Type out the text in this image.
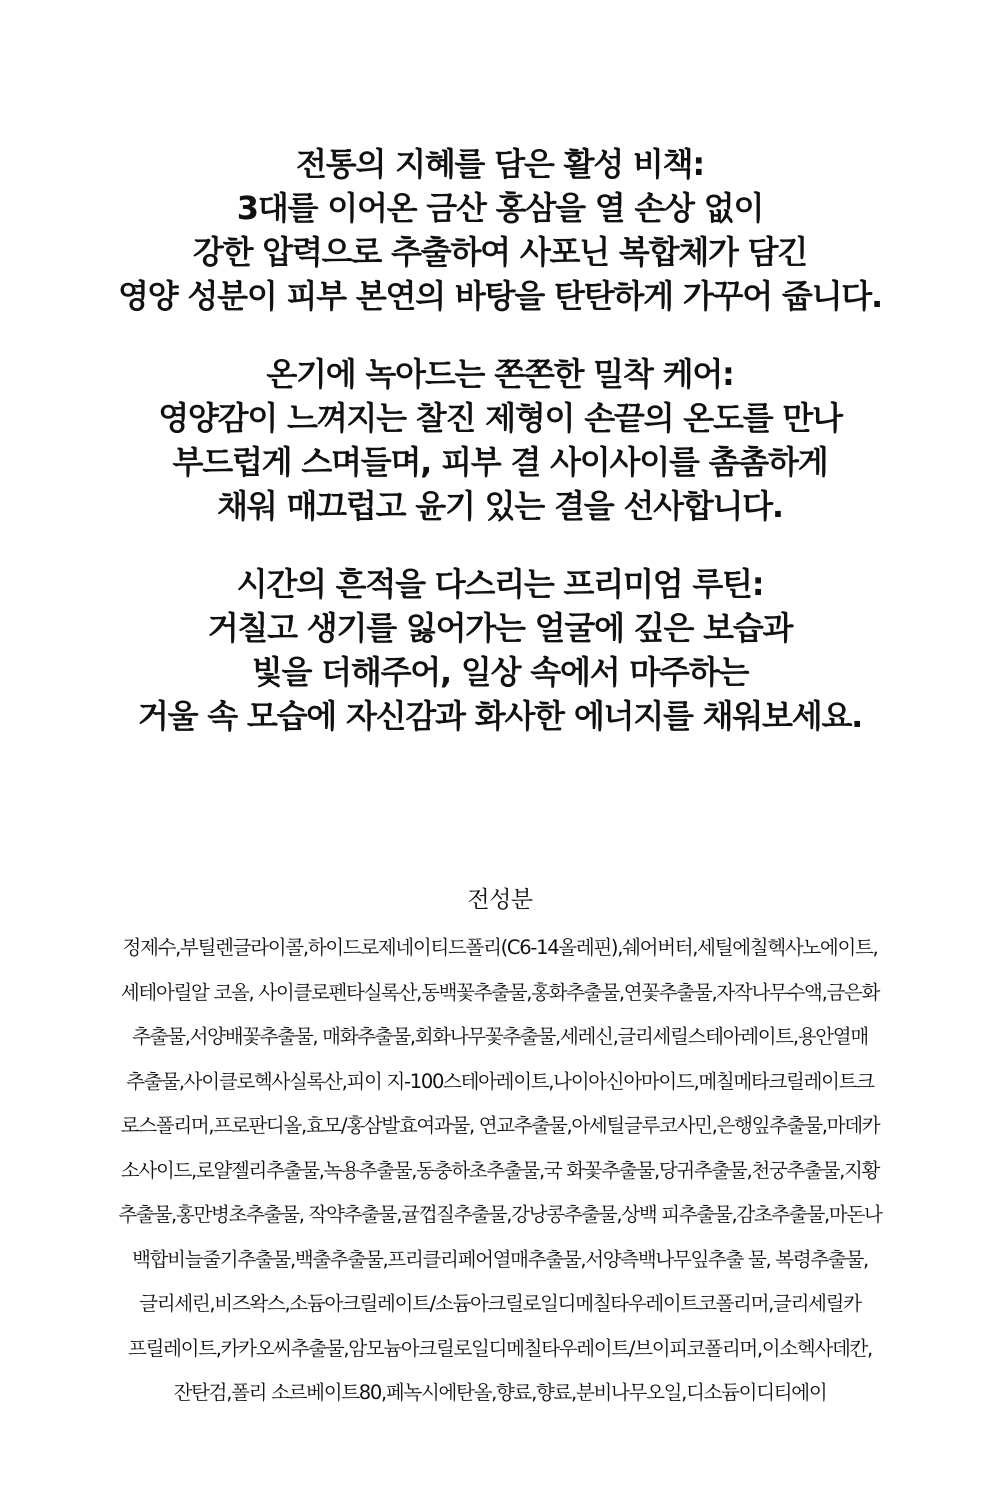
전통의 지혜를 담은 활성 비책:
3대를 이어온 금산 홍삼을 열 손상 없이
강한 압력으로 추출하여 사포닌 복합체가 담긴
영양 성분이 피부 본연의 바탕을 탄탄하게 가꾸어 줍니다.
온기에 녹아드는 쫀쫀한 밀착 케어:
영양감이 느껴지는 찰진 제형이 손끝의 온도를 만나
부드럽게 스며들며, 피부 결 사이사이를 촘촘하게
채워 매끄럽고 윤기 있는 결을 선사합니다.
시간의 흔적을 다스리는 프리미엄 루틴:
거칠고 생기를 잃어가는 얼굴에 깊은 보습과
빛을 더해주어, 일상 속에서 마주하는
거울 속 모습에 자신감과 화사한 에너지를 채워보세요.
전성분
정제수,부틸렌글라이콜,하이드로제네이티드폴리(C6-14올레핀),쉐어버터,세틸에칠헥사노에이트,
세테아릴알 코올, 사이클로펜타실록산,동백꽃추출물,홍화추출물,연꽃추출물,자작나무수액,금은화
추출물,서양배꽃추출물, 매화추출물,회화나무꽃추출물,세레신,글리세릴스테아레이트,용안열매
추출물,사이클로헥사실록산,피이 지-100스테아레이트,나이아신아마이드,메칠메타크릴레이트크
로스폴리머,프로판디올,효모/홍삼발효여과물, 연교추출물,아세틸글루코사민,은행잎추출물,마데카
소사이드,로얄젤리추출물,녹용추출물,동충하초추출물,국 화꽃추출물,당귀추출물,천궁추출물,지황
추출물,홍만병초추출물, 작약추출물,귤껍질추출물,강낭콩추출물,상백 피추출물,감초추출물,마돈나
백합비늘줄기추출물,백출추출물,프리클리페어열매추출물,서양측백나무잎추출 물, 복령추출물,
글리세린,비즈왁스,소듐아크릴레이트/소듐아크릴로일디메칠타우레이트코폴리머,글리세릴카
프릴레이트,카카오씨추출물,암모늄아크릴로일디메칠타우레이트/브이피코폴리머,이소헥사데칸,
잔탄검,폴리 소르베이트80,페녹시에탄올,향료,향료,분비나무오일,디소듐이디티에이
